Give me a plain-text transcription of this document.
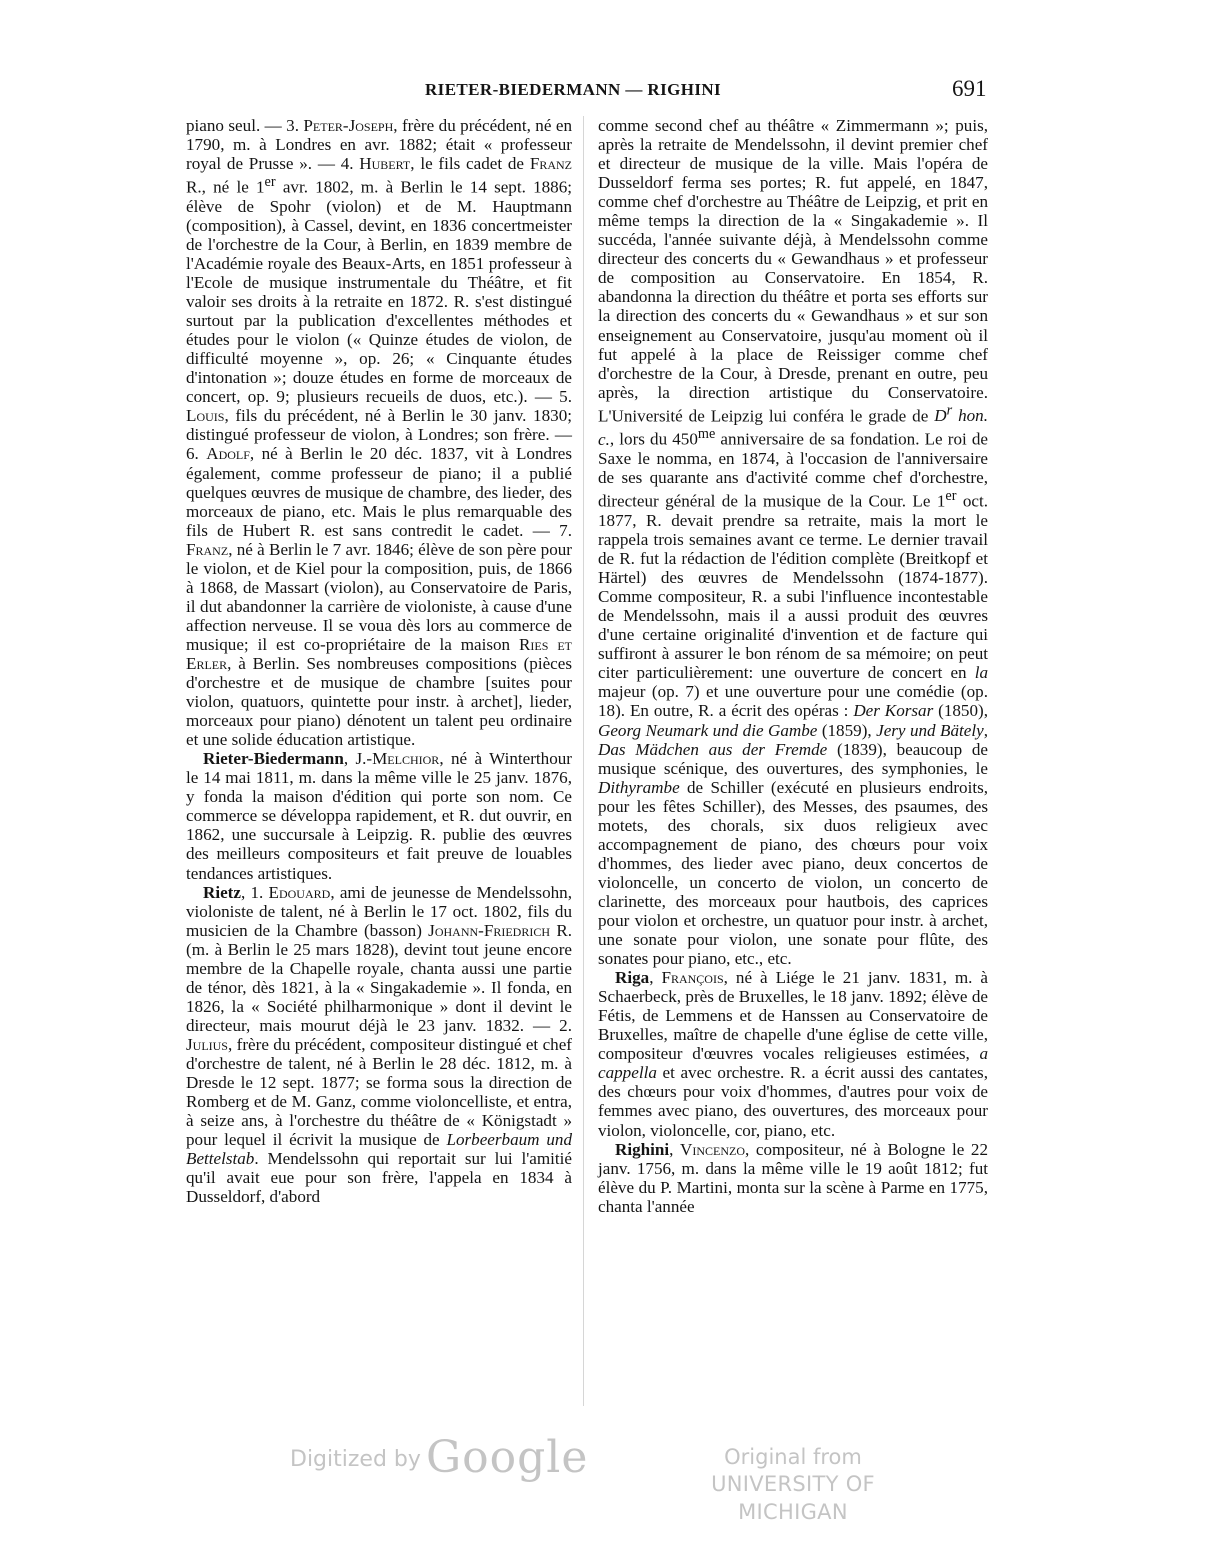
RIETER-BIEDERMANN — RIGHINI	691

piano seul. — 3. Peter-Joseph, frère du précédent, né en 1790, m. à Londres en avr. 1882; était « professeur royal de Prusse ». — 4. Hubert, le fils cadet de Franz R., né le 1er avr. 1802, m. à Berlin le 14 sept. 1886; élève de Spohr (violon) et de M. Hauptmann (composition), à Cassel, devint, en 1836 concertmeister de l'orchestre de la Cour, à Berlin, en 1839 membre de l'Académie royale des Beaux-Arts, en 1851 professeur à l'Ecole de musique instrumentale du Théâtre, et fit valoir ses droits à la retraite en 1872. R. s'est distingué surtout par la publication d'excellentes méthodes et études pour le violon (« Quinze études de violon, de difficulté moyenne », op. 26; « Cinquante études d'intonation »; douze études en forme de morceaux de concert, op. 9; plusieurs recueils de duos, etc.). — 5. Louis, fils du précédent, né à Berlin le 30 janv. 1830; distingué professeur de violon, à Londres; son frère. — 6. Adolf, né à Berlin le 20 déc. 1837, vit à Londres également, comme professeur de piano; il a publié quelques œuvres de musique de chambre, des lieder, des morceaux de piano, etc. Mais le plus remarquable des fils de Hubert R. est sans contredit le cadet. — 7. Franz, né à Berlin le 7 avr. 1846; élève de son père pour le violon, et de Kiel pour la composition, puis, de 1866 à 1868, de Massart (violon), au Conservatoire de Paris, il dut abandonner la carrière de violoniste, à cause d'une affection nerveuse. Il se voua dès lors au commerce de musique; il est co-propriétaire de la maison Ries et Erler, à Berlin. Ses nombreuses compositions (pièces d'orchestre et de musique de chambre [suites pour violon, quatuors, quintette pour instr. à archet], lieder, morceaux pour piano) dénotent un talent peu ordinaire et une solide éducation artistique.

Rieter-Biedermann, J.-Melchior, né à Winterthour le 14 mai 1811, m. dans la même ville le 25 janv. 1876, y fonda la maison d'édition qui porte son nom. Ce commerce se développa rapidement, et R. dut ouvrir, en 1862, une succursale à Leipzig. R. publie des œuvres des meilleurs compositeurs et fait preuve de louables tendances artistiques.

Rietz, 1. Edouard, ami de jeunesse de Mendelssohn, violoniste de talent, né à Berlin le 17 oct. 1802, fils du musicien de la Chambre (basson) Johann-Friedrich R. (m. à Berlin le 25 mars 1828), devint tout jeune encore membre de la Chapelle royale, chanta aussi une partie de ténor, dès 1821, à la « Singakademie ». Il fonda, en 1826, la « Société philharmonique » dont il devint le directeur, mais mourut déjà le 23 janv. 1832. — 2. Julius, frère du précédent, compositeur distingué et chef d'orchestre de talent, né à Berlin le 28 déc. 1812, m. à Dresde le 12 sept. 1877; se forma sous la direction de Romberg et de M. Ganz, comme violoncelliste, et entra, à seize ans, à l'orchestre du théâtre de « Königstadt » pour lequel il écrivit la musique de Lorbeerbaum und Bettelstab. Mendelssohn qui reportait sur lui l'amitié qu'il avait eue pour son frère, l'appela en 1834 à Dusseldorf, d'abord

comme second chef au théâtre « Zimmermann »; puis, après la retraite de Mendelssohn, il devint premier chef et directeur de musique de la ville. Mais l'opéra de Dusseldorf ferma ses portes; R. fut appelé, en 1847, comme chef d'orchestre au Théâtre de Leipzig, et prit en même temps la direction de la « Singakademie ». Il succéda, l'année suivante déjà, à Mendelssohn comme directeur des concerts du « Gewandhaus » et professeur de composition au Conservatoire. En 1854, R. abandonna la direction du théâtre et porta ses efforts sur la direction des concerts du « Gewandhaus » et sur son enseignement au Conservatoire, jusqu'au moment où il fut appelé à la place de Reissiger comme chef d'orchestre de la Cour, à Dresde, prenant en outre, peu après, la direction artistique du Conservatoire. L'Université de Leipzig lui conféra le grade de $D^r$ hon. c., lors du $450^{me}$ anniversaire de sa fondation. Le roi de Saxe le nomma, en 1874, à l'occasion de l'anniversaire de ses quarante ans d'activité comme chef d'orchestre, directeur général de la musique de la Cour. Le 1er oct. 1877, R. devait prendre sa retraite, mais la mort le rappela trois semaines avant ce terme. Le dernier travail de R. fut la rédaction de l'édition complète (Breitkopf et Härtel) des œuvres de Mendelssohn (1874-1877). Comme compositeur, R. a subi l'influence incontestable de Mendelssohn, mais il a aussi produit des œuvres d'une certaine originalité d'invention et de facture qui suffiront à assurer le bon rénom de sa mémoire; on peut citer particulièrement: une ouverture de concert en la majeur (op. 7) et une ouverture pour une comédie (op. 18). En outre, R. a écrit des opéras : Der Korsar (1850), Georg Neumark und die Gambe (1859), Jery und Bätely, Das Mädchen aus der Fremde (1839), beaucoup de musique scénique, des ouvertures, des symphonies, le Dithyrambe de Schiller (exécuté en plusieurs endroits, pour les fêtes Schiller), des Messes, des psaumes, des motets, des chorals, six duos religieux avec accompagnement de piano, des chœurs pour voix d'hommes, des lieder avec piano, deux concertos de violoncelle, un concerto de violon, un concerto de clarinette, des morceaux pour hautbois, des caprices pour violon et orchestre, un quatuor pour instr. à archet, une sonate pour violon, une sonate pour flûte, des sonates pour piano, etc., etc.

Riga, François, né à Liége le 21 janv. 1831, m. à Schaerbeck, près de Bruxelles, le 18 janv. 1892; élève de Fétis, de Lemmens et de Hanssen au Conservatoire de Bruxelles, maître de chapelle d'une église de cette ville, compositeur d'œuvres vocales religieuses estimées, a cappella et avec orchestre. R. a écrit aussi des cantates, des chœurs pour voix d'hommes, d'autres pour voix de femmes avec piano, des ouvertures, des morceaux pour violon, violoncelle, cor, piano, etc.

Righini, Vincenzo, compositeur, né à Bologne le 22 janv. 1756, m. dans la même ville le 19 août 1812; fut élève du P. Martini, monta sur la scène à Parme en 1775, chanta l'année

Digitized by Google	Original from
UNIVERSITY OF MICHIGAN
